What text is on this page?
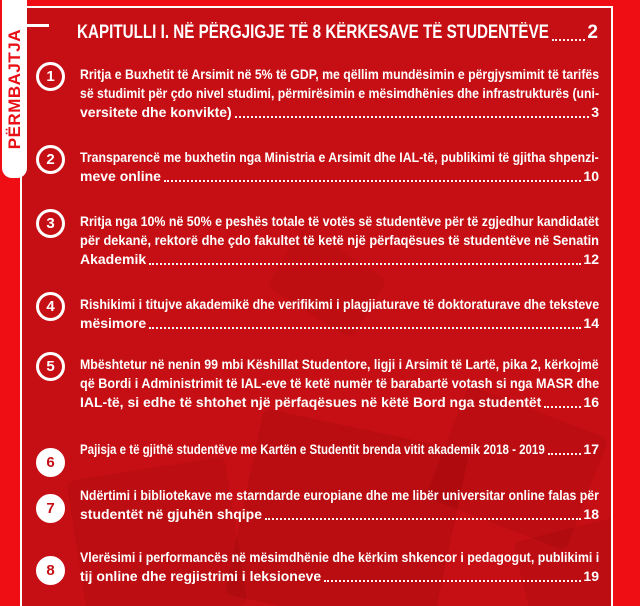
KAPITULLI I. NË PËRGJIGJE TË 8 KËRKESAVE TË STUDENTËVE 2
1	Rritja e Buxhetit të Arsimit në 5% të GDP, me qëllim mundësimin e përgjysmimit të tarifës
së studimit për çdo nivel studimi, përmirësimin e mësimdhënies dhe infrastrukturës (uni-
versitete dhe konvikte)	3
2	Transparencë me buxhetin nga Ministria e Arsimit dhe IAL-të, publikimi të gjitha shpenzi-
meve online	10
3	Rritja nga 10% në 50% e peshës totale të votës së studentëve për të zgjedhur kandidatët
për dekanë, rektorë dhe çdo fakultet të ketë një përfaqësues të studentëve në Senatin
Akademik	12
4	Rishikimi i titujve akademikë dhe verifikimi i plagjiaturave të doktoraturave dhe teksteve
mësimore	14
5	Mbështetur në nenin 99 mbi Këshillat Studentore, ligji i Arsimit të Lartë, pika 2, kërkojmë
që Bordi i Administrimit të IAL-eve të ketë numër të barabartë votash si nga MASR dhe
IAL-të, si edhe të shtohet një përfaqësues në këtë Bord nga studentët	16
6
Pajisja e të gjithë studentëve me Kartën e Studentit brenda vitit akademik 2018 - 2019	17
7
Ndërtimi i bibliotekave me starndarde europiane dhe me libër universitar online falas për
studentët në gjuhën shqipe	18
8
Vlerësimi i performancës në mësimdhënie dhe kërkim shkencor i pedagogut, publikimi i
tij online dhe regjistrimi i leksioneve	19
PËRMBAJTJA
